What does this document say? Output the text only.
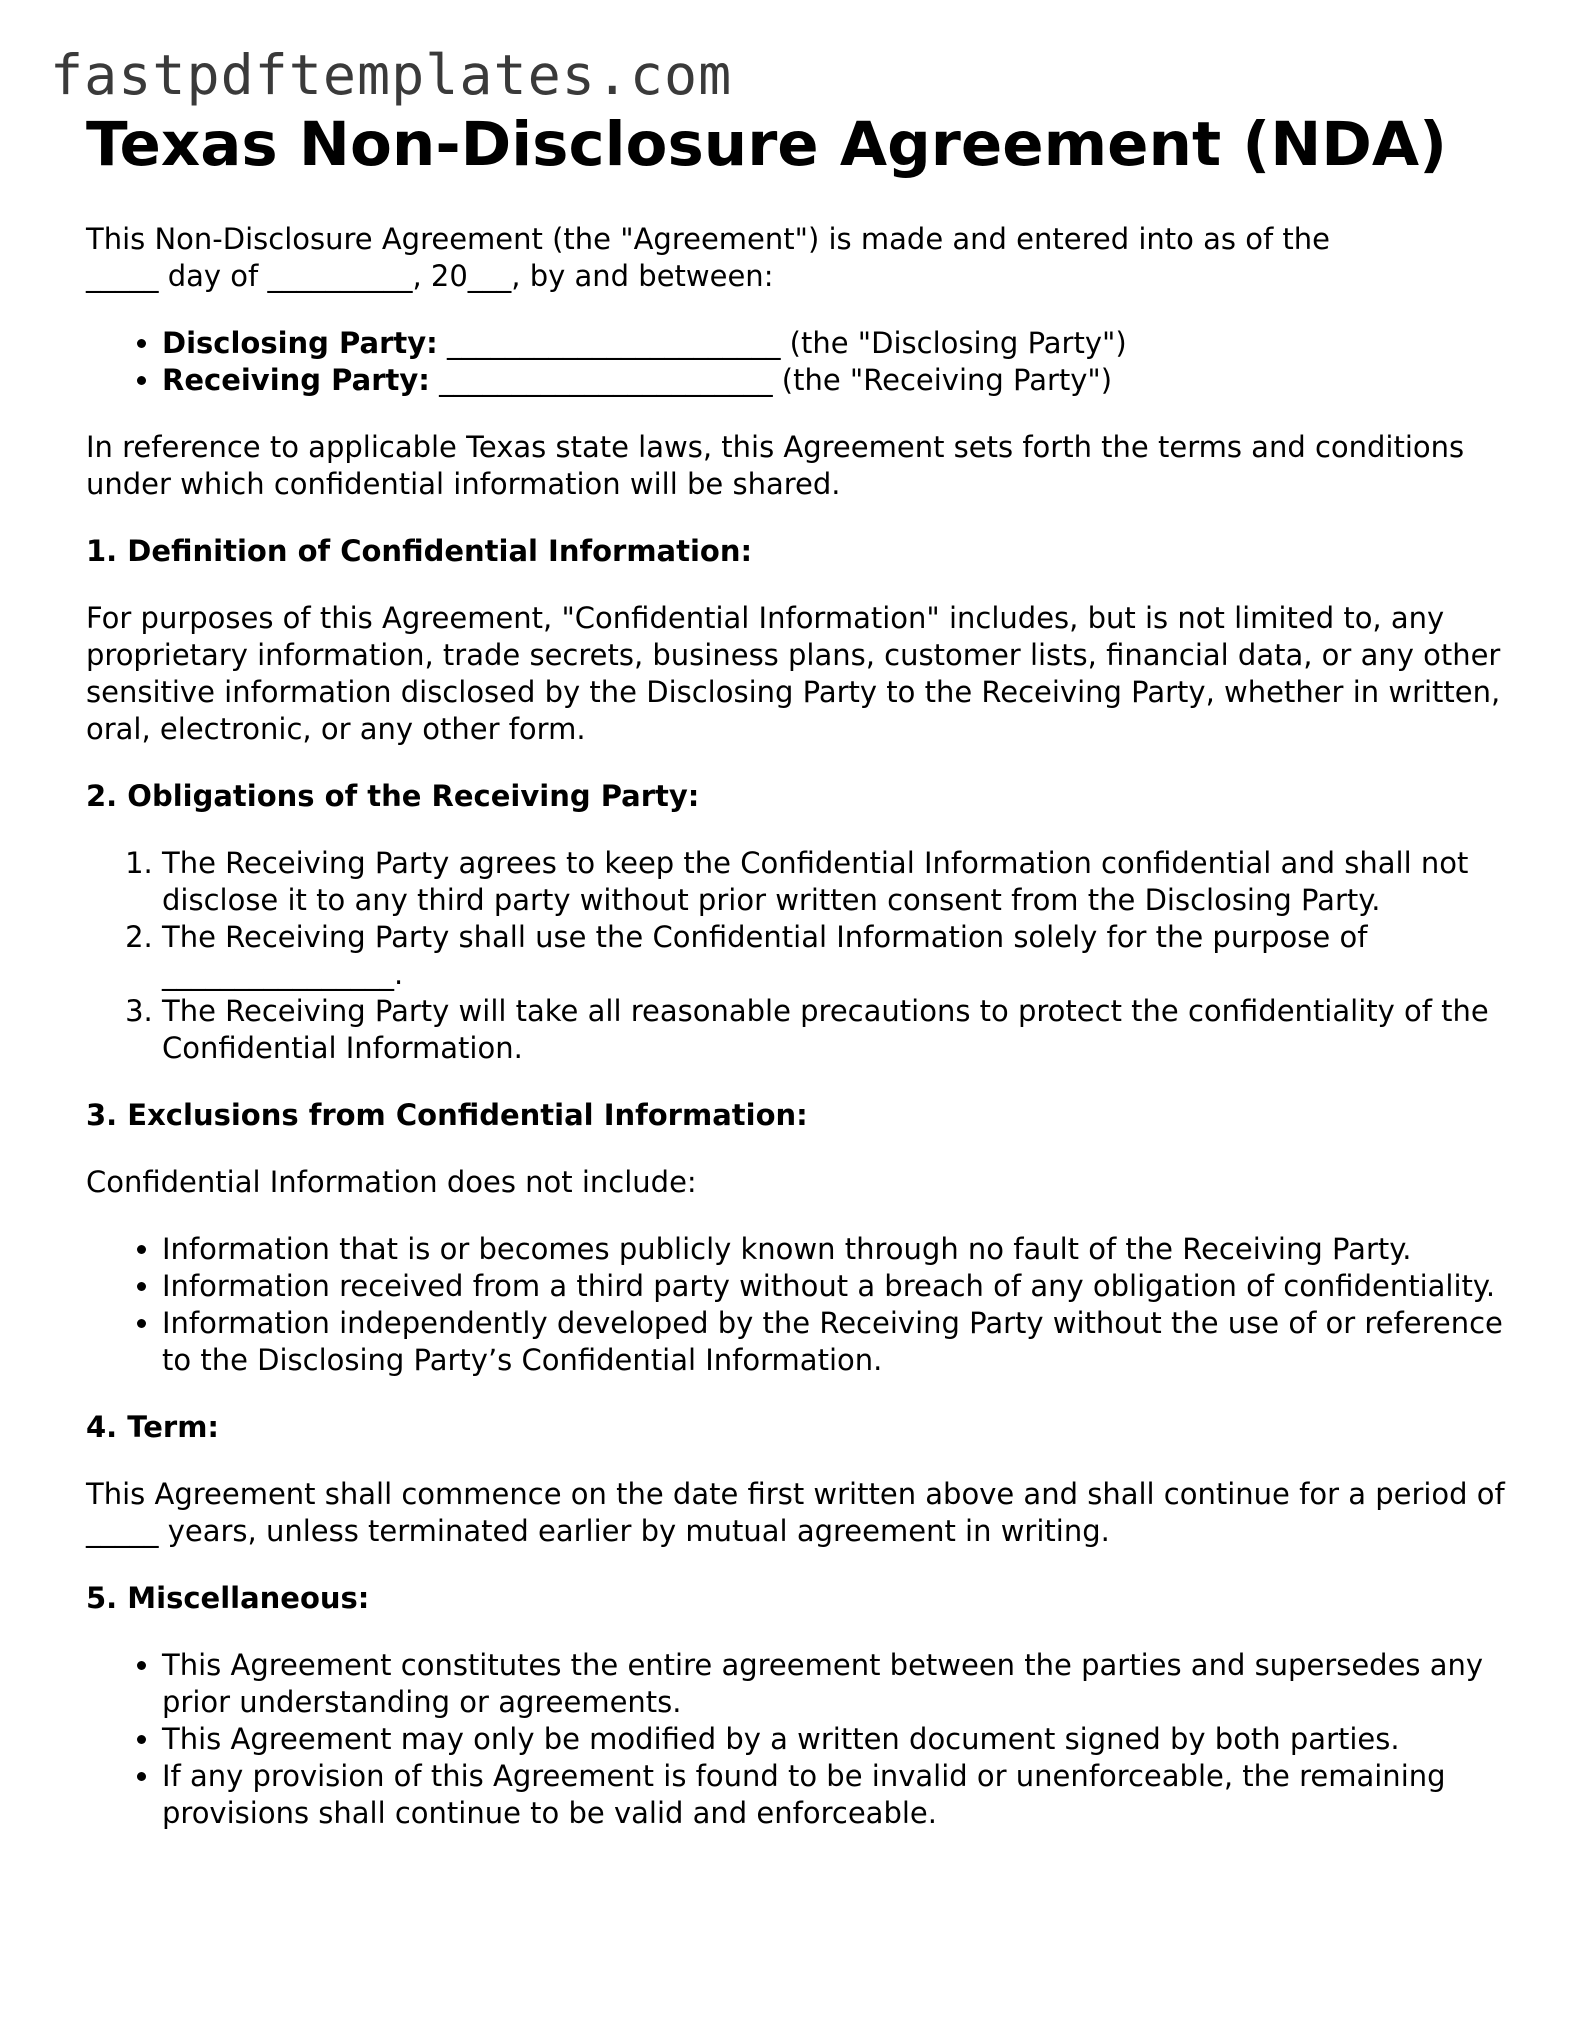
fastpdftemplates.com
Texas Non-Disclosure Agreement (NDA)

This Non-Disclosure Agreement (the "Agreement") is made and entered into as of the
_____ day of __________, 20___, by and between:

• Disclosing Party: _______________________ (the "Disclosing Party")
• Receiving Party: _______________________ (the "Receiving Party")

In reference to applicable Texas state laws, this Agreement sets forth the terms and conditions under which confidential information will be shared.

1. Definition of Confidential Information:

For purposes of this Agreement, "Confidential Information" includes, but is not limited to, any proprietary information, trade secrets, business plans, customer lists, financial data, or any other sensitive information disclosed by the Disclosing Party to the Receiving Party, whether in written, oral, electronic, or any other form.

2. Obligations of the Receiving Party:

1. The Receiving Party agrees to keep the Confidential Information confidential and shall not disclose it to any third party without prior written consent from the Disclosing Party.
2. The Receiving Party shall use the Confidential Information solely for the purpose of ________________.
3. The Receiving Party will take all reasonable precautions to protect the confidentiality of the Confidential Information.

3. Exclusions from Confidential Information:

Confidential Information does not include:

• Information that is or becomes publicly known through no fault of the Receiving Party.
• Information received from a third party without a breach of any obligation of confidentiality.
• Information independently developed by the Receiving Party without the use of or reference to the Disclosing Party’s Confidential Information.

4. Term:

This Agreement shall commence on the date first written above and shall continue for a period of _____ years, unless terminated earlier by mutual agreement in writing.

5. Miscellaneous:

• This Agreement constitutes the entire agreement between the parties and supersedes any prior understanding or agreements.
• This Agreement may only be modified by a written document signed by both parties.
• If any provision of this Agreement is found to be invalid or unenforceable, the remaining provisions shall continue to be valid and enforceable.
